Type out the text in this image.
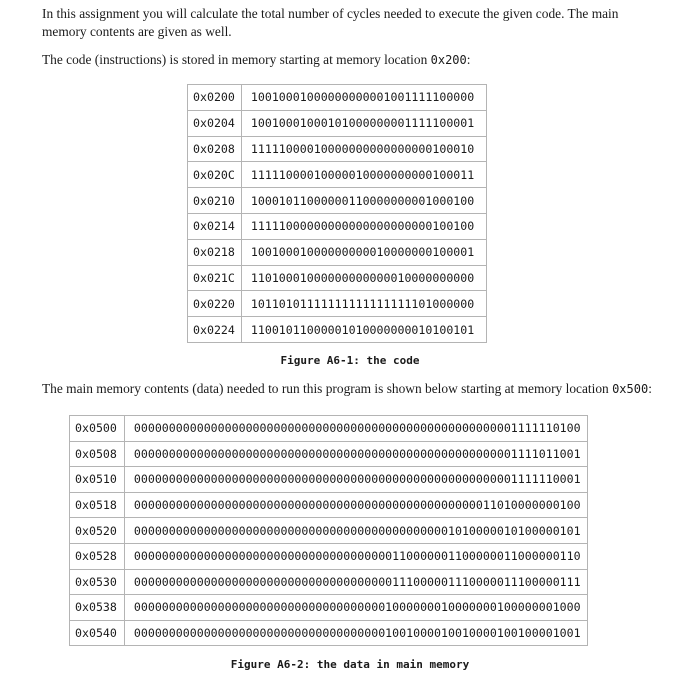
In this assignment you will calculate the total number of cycles needed to execute the given code. The main memory contents are given as well.

The code (instructions) is stored in memory starting at memory location 0x200:

0x0200	10010001000000000001001111100000
0x0204	10010001000101000000001111100001
0x0208	11111000010000000000000000100010
0x020C	11111000010000010000000000100011
0x0210	10001011000000110000000001000100
0x0214	11111000000000000000000000100100
0x0218	10010001000000000010000000100001
0x021C	11010001000000000000010000000000
0x0220	10110101111111111111111101000000
0x0224	11001011000001010000000010100101
Figure A6-1: the code

The main memory contents (data) needed to run this program is shown below starting at memory location 0x500:

0x0500	0000000000000000000000000000000000000000000000000000001111110100
0x0508	0000000000000000000000000000000000000000000000000000001111011001
0x0510	0000000000000000000000000000000000000000000000000000001111110001
0x0518	0000000000000000000000000000000000000000000000000011010000000100
0x0520	0000000000000000000000000000000000000000000001010000010100000101
0x0528	0000000000000000000000000000000000000110000001100000011000000110
0x0530	0000000000000000000000000000000000000111000001110000011100000111
0x0538	0000000000000000000000000000000000001000000010000000100000001000
0x0540	0000000000000000000000000000000000001001000010010000100100001001
Figure A6-2: the data in main memory
